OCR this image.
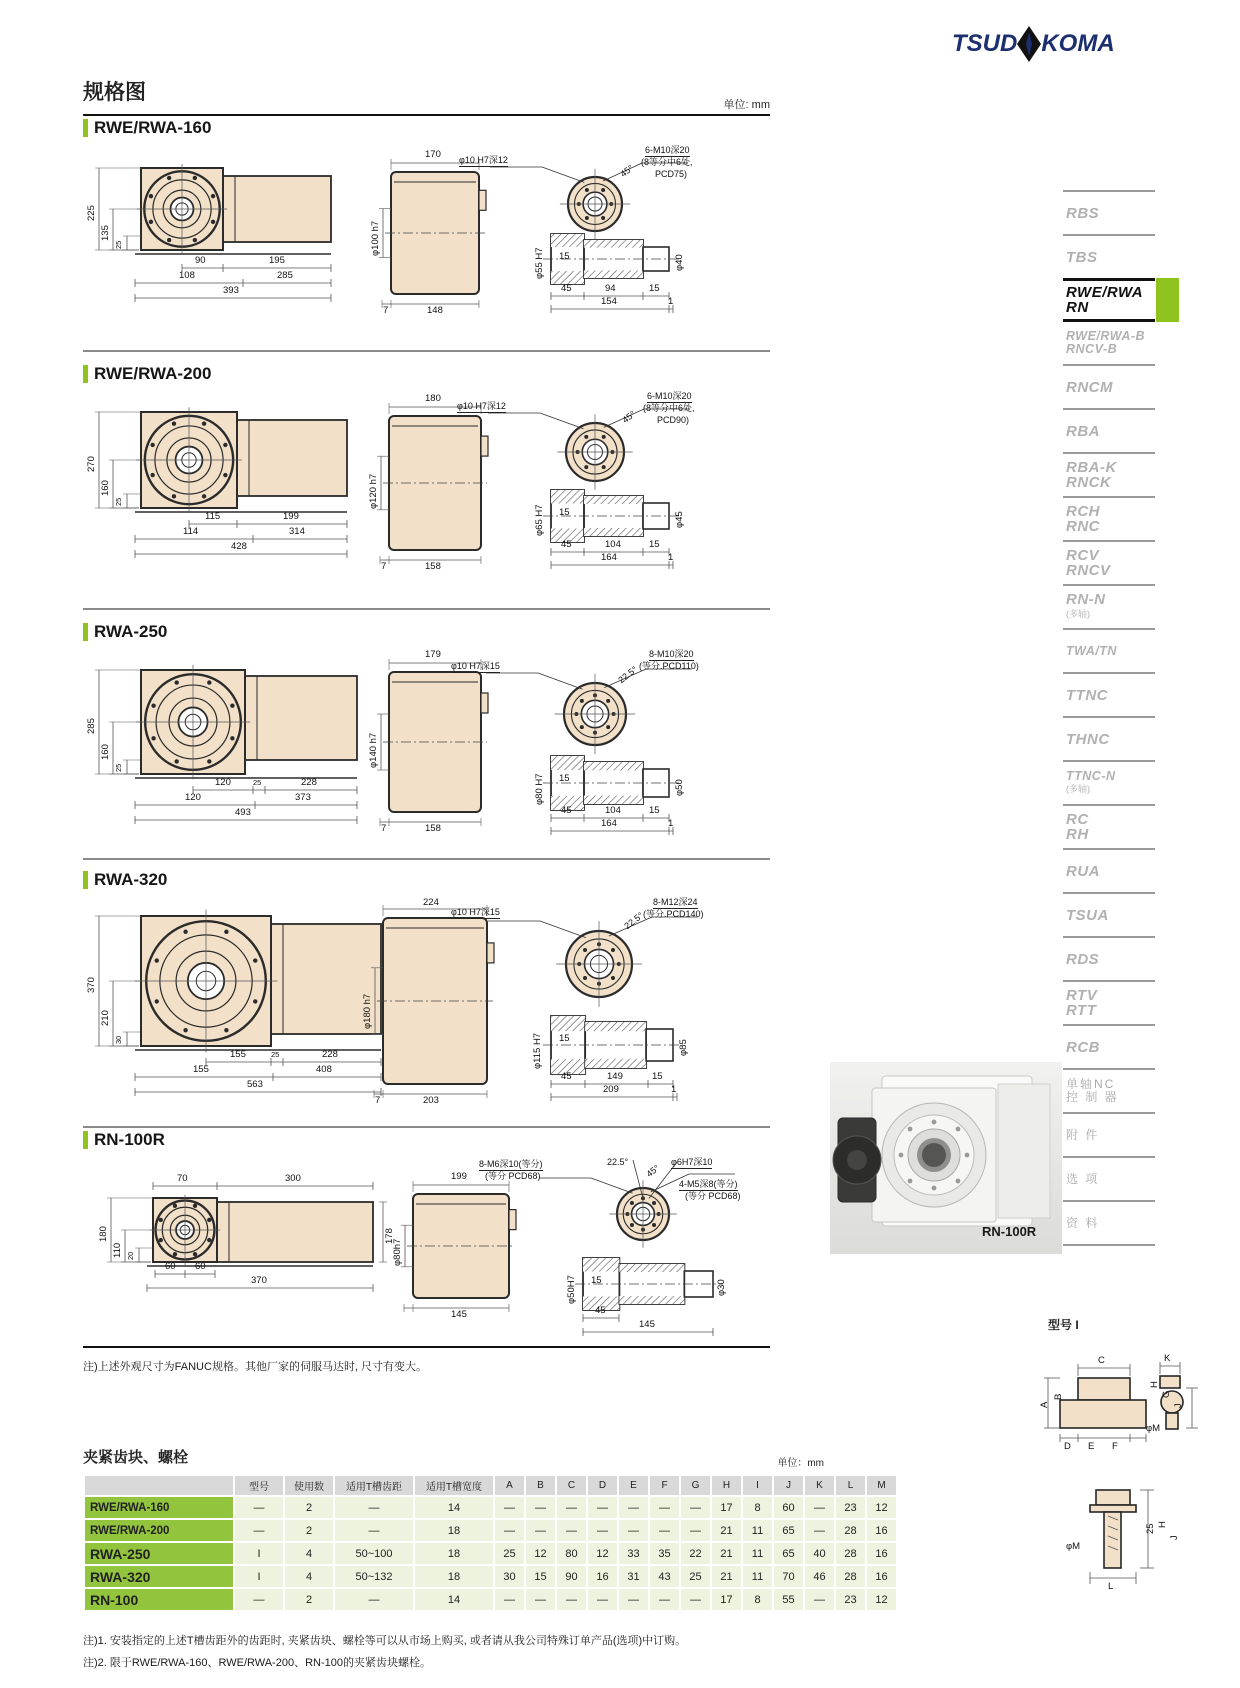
TSUD KOMA
规格图
单位: mm
RWE/RWA-160
RWE/RWA-200
RWA-250
RWA-320
RN-100R
225
135
25
90	195
108	285
393
170
φ100 h7
7	148
φ10 H7深12
45°
6-M10深20
(8等分中6处,
PCD75)
φ55 H7 15	φ40
45	94	15
154	1
270
160
25
115	199
114	314
428
180
φ120 h7
7	158
φ10 H7深12
45°
6-M10深20
(8等分中6处,
PCD90)
φ65 H7 15	φ45
45	104	15
164	1
285
160
25
120	25	228
120	373
493
179
φ140 h7
7	158
φ10 H7深15	22.5°
8-M10深20
(等分.PCD110)
φ80 H7 15
φ50
45	104	15
164	1
370
210
30
155	25	228
155	408
563
224
φ180 h7
7	203
φ10 H7深15	22.5°
8-M12深24
(等分.PCD140)
φ115 H7 15
φ85
45	149	15
209	1
70	300
180
110 20
178
60 60
370
199
φ80h7
145
8-M6深10(等分)
(等分 PCD68)
22.5°
45°
φ6H7深10
4-M5深8(等分)
(等分 PCD68)
φ50H7 15	φ30
45
145
注)上述外观尺寸为FANUC规格。其他厂家的伺服马达时, 尺寸有变大。
RN-100R
RBS
TBS
RWE/RWA
RN
RWE/RWA-B
RNCV-B
RNCM
RBA
RBA-K
RNCK
RCH
RNC
RCV
RNCV
RN-N
(多轴)
TWA/TN
TTNC
THNC
TTNC-N
(多轴)
RC
RH
RUA
TSUA
RDS
RTV
RTT
RCB
单轴NC
控 制 器
附 件
选 项
资 料
夹紧齿块、螺栓	单位：mm
	型号	使用数	适用T槽齿距	适用T槽宽度	A	B	C	D	E	F	G	H	I	J	K	L	M
RWE/RWA-160	—	2	—	14	—	—	—	—	—	—	—	17	8	60	—	23	12
RWE/RWA-200	—	2	—	18	—	—	—	—	—	—	—	21	11	65	—	28	16
RWA-250	I	4	50~100	18	25	12	80	12	33	35	22	21	11	65	40	28	16
RWA-320	I	4	50~132	18	30	15	90	16	31	43	25	21	11	70	46	28	16
RN-100	—	2	—	14	—	—	—	—	—	—	—	17	8	55	—	23	12
注)1. 安装指定的上述T槽齿距外的齿距时, 夹紧齿块、螺栓等可以从市场上购买, 或者请从我公司特殊订单产品(选项)中订购。
注)2. 限于RWE/RWA-160、RWE/RWA-200、RN-100的夹紧齿块螺栓。
型号 I
C	K
A
B
H
G
J
D E F
φM
φM
25 H
J
L
